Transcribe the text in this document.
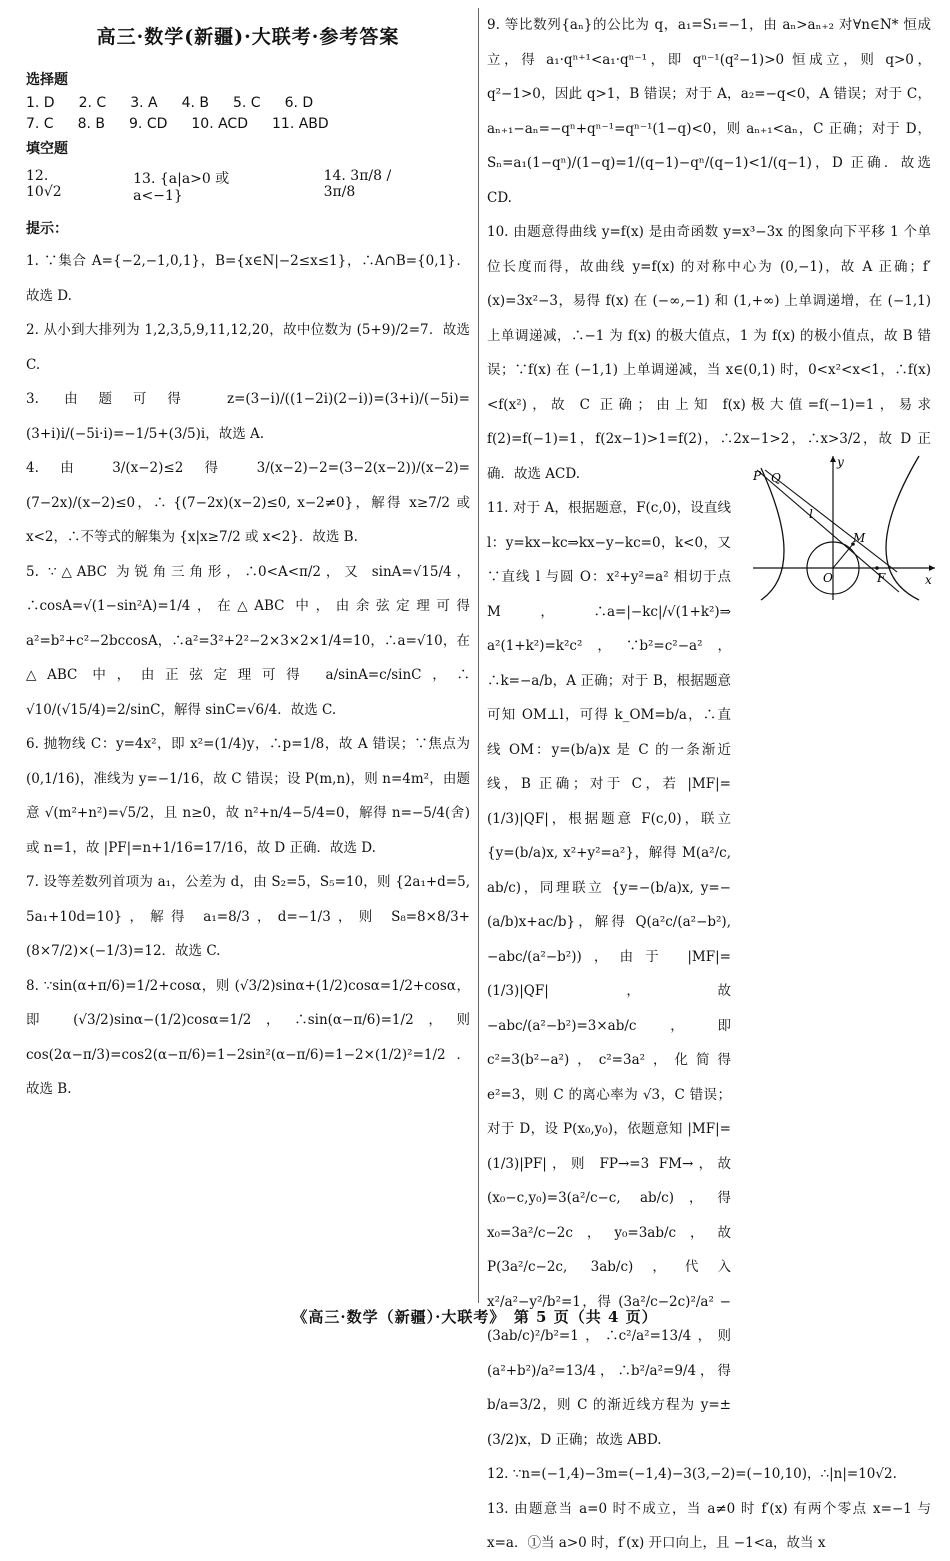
高三·数学(新疆)·大联考·参考答案
选择题
1. D 2. C 3. A 4. B 5. C 6. D
7. C 8. B 9. CD 10. ACD 11. ABD
填空题
12. 10√2
13. {a|a>0 或 a<−1}
14. 3π/8 / 3π/8
提示：

1. ∵集合 A={−2,−1,0,1}，B={x∈N|−2≤x≤1}，∴A∩B={0,1}．故选 D.

2. 从小到大排列为 1,2,3,5,9,11,12,20，故中位数为 (5+9)/2=7．故选 C.

3. 由题可得 z=(3−i)/((1−2i)(2−i))=(3+i)/(−5i)=(3+i)i/(−5i·i)=−1/5+(3/5)i，故选 A.

4. 由 3/(x−2)≤2 得 3/(x−2)−2=(3−2(x−2))/(x−2)=(7−2x)/(x−2)≤0，∴ {(7−2x)(x−2)≤0, x−2≠0}，解得 x≥7/2 或 x<2，∴不等式的解集为 {x|x≥7/2 或 x<2}．故选 B.

5. ∵△ABC 为锐角三角形，∴0<A<π/2，又 sinA=√15/4，∴cosA=√(1−sin²A)=1/4，在△ABC 中，由余弦定理可得 a²=b²+c²−2bccosA，∴a²=3²+2²−2×3×2×1/4=10，∴a=√10，在△ABC 中，由正弦定理可得 a/sinA=c/sinC，∴ √10/(√15/4)=2/sinC，解得 sinC=√6/4．故选 C.

6. 抛物线 C：y=4x²，即 x²=(1/4)y，∴p=1/8，故 A 错误；∵焦点为 (0,1/16)，准线为 y=−1/16，故 C 错误；设 P(m,n)，则 n=4m²，由题意 √(m²+n²)=√5/2，且 n≥0，故 n²+n/4−5/4=0，解得 n=−5/4(舍) 或 n=1，故 |PF|=n+1/16=17/16，故 D 正确．故选 D.

7. 设等差数列首项为 a₁，公差为 d，由 S₂=5，S₅=10，则 {2a₁+d=5, 5a₁+10d=10}，解得 a₁=8/3，d=−1/3，则 S₈=8×8/3+(8×7/2)×(−1/3)=12．故选 C.

8. ∵sin(α+π/6)=1/2+cosα，则 (√3/2)sinα+(1/2)cosα=1/2+cosα，即 (√3/2)sinα−(1/2)cosα=1/2，∴sin(α−π/6)=1/2，则 cos(2α−π/3)=cos2(α−π/6)=1−2sin²(α−π/6)=1−2×(1/2)²=1/2．故选 B.

9. 等比数列{aₙ}的公比为 q，a₁=S₁=−1，由 aₙ>aₙ₊₂ 对∀n∈N* 恒成立，得 a₁·qⁿ⁺¹<a₁·qⁿ⁻¹，即 qⁿ⁻¹(q²−1)>0 恒成立，则 q>0，q²−1>0，因此 q>1，B 错误；对于 A，a₂=−q<0，A 错误；对于 C，aₙ₊₁−aₙ=−qⁿ+qⁿ⁻¹=qⁿ⁻¹(1−q)<0，则 aₙ₊₁<aₙ，C 正确；对于 D，Sₙ=a₁(1−qⁿ)/(1−q)=1/(q−1)−qⁿ/(q−1)<1/(q−1)，D 正确．故选 CD.

10. 由题意得曲线 y=f(x) 是由奇函数 y=x³−3x 的图象向下平移 1 个单位长度而得，故曲线 y=f(x) 的对称中心为 (0,−1)，故 A 正确；f′(x)=3x²−3，易得 f(x) 在 (−∞,−1) 和 (1,+∞) 上单调递增，在 (−1,1) 上单调递减，∴−1 为 f(x) 的极大值点，1 为 f(x) 的极小值点，故 B 错误；∵f(x) 在 (−1,1) 上单调递减，当 x∈(0,1) 时，0<x²<x<1，∴f(x)<f(x²)，故 C 正确；由上知 f(x)极大值=f(−1)=1，易求 f(2)=f(−1)=1，f(2x−1)>1=f(2)，∴2x−1>2，∴x>3/2，故 D 正确．故选 ACD.

11. 对于 A，根据题意，F(c,0)，设直线 l：y=kx−kc⇒kx−y−kc=0，k<0，又∵直线 l 与圆 O：x²+y²=a² 相切于点 M，∴a=|−kc|/√(1+k²)⇒ a²(1+k²)=k²c²，∵b²=c²−a²，∴k=−a/b，A 正确；对于 B，根据题意可知 OM⊥l，可得 k_OM=b/a，∴直线 OM：y=(b/a)x 是 C 的一条渐近线，B 正确；对于 C，若 |MF|=(1/3)|QF|，根据题意 F(c,0)，联立 {y=(b/a)x, x²+y²=a²}，解得 M(a²/c, ab/c)，同理联立 {y=−(b/a)x, y=−(a/b)x+ac/b}，解得 Q(a²c/(a²−b²), −abc/(a²−b²))，由于 |MF|=(1/3)|QF|，故 −abc/(a²−b²)=3×ab/c，即 c²=3(b²−a²)，c²=3a²，化简得 e²=3，则 C 的离心率为 √3，C 错误；对于 D，设 P(x₀,y₀)，依题意知 |MF|=(1/3)|PF|，则 FP→=3 FM→，故 (x₀−c,y₀)=3(a²/c−c, ab/c)，得 x₀=3a²/c−2c，y₀=3ab/c，故 P(3a²/c−2c, 3ab/c)，代入 x²/a²−y²/b²=1，得 (3a²/c−2c)²/a² − (3ab/c)²/b²=1，∴c²/a²=13/4，则 (a²+b²)/a²=13/4，∴b²/a²=9/4，得 b/a=3/2，则 C 的渐近线方程为 y=±(3/2)x，D 正确；故选 ABD.

12. ∵n=(−1,4)−3m=(−1,4)−3(3,−2)=(−10,10)，∴|n|=10√2.

13. 由题意当 a=0 时不成立，当 a≠0 时 f′(x) 有两个零点 x=−1 与 x=a．①当 a>0 时，f′(x) 开口向上，且 −1<a，故当 x

P Q
l
M
O	F	x
y
《高三·数学（新疆）·大联考》　第 5 页（共 4 页）
